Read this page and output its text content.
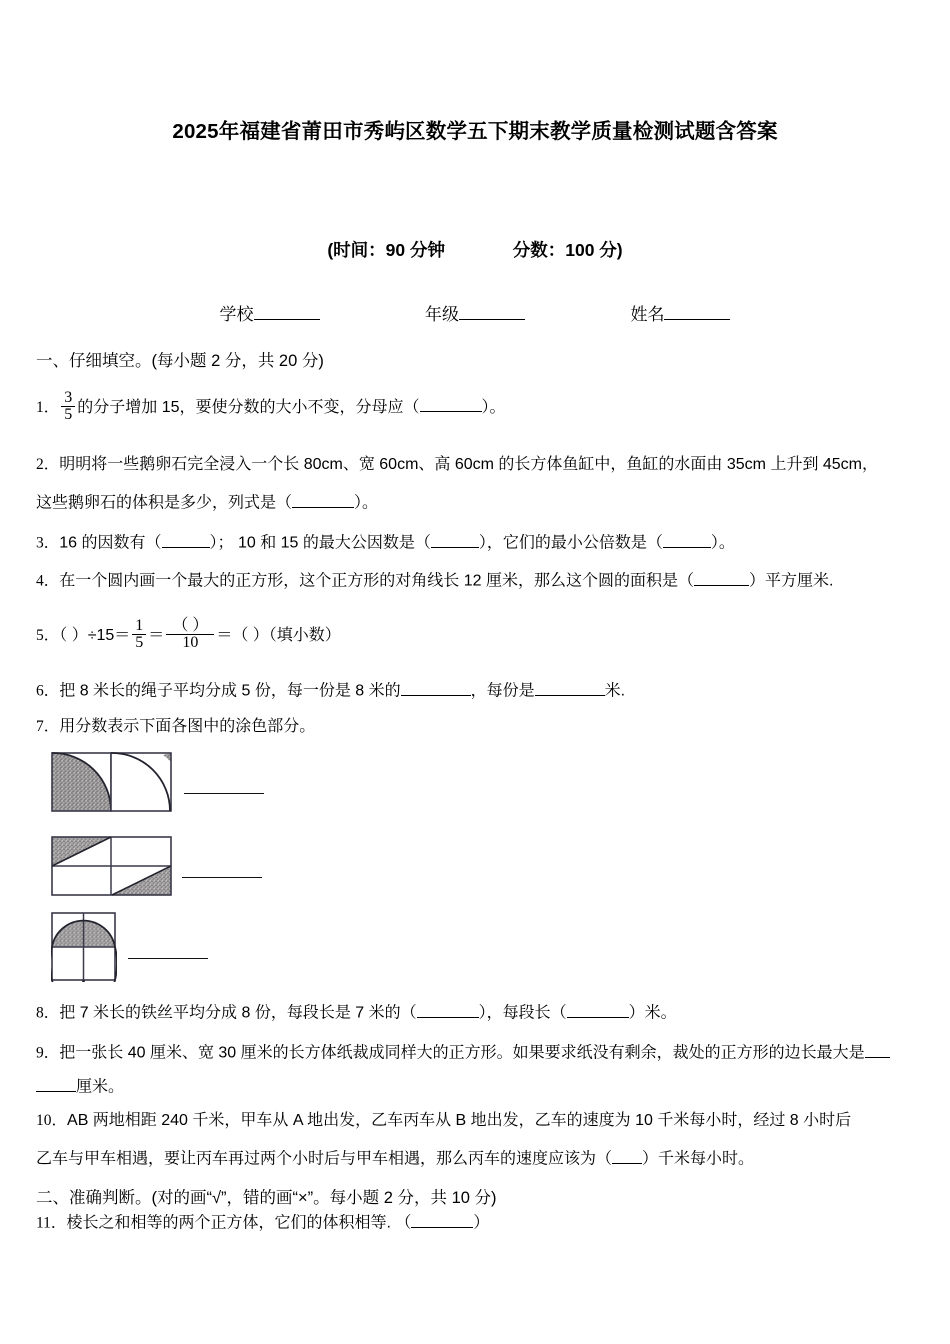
2025年福建省莆田市秀屿区数学五下期末教学质量检测试题含答案
(时间：90 分钟	分数：100 分)
学校	年级	姓名
一、仔细填空。(每小题 2 分，共 20 分)
1． $\frac{3}{5}$ 的分子增加 15，要使分数的大小不变，分母应（	）。
2．明明将一些鹅卵石完全浸入一个长 80cm、宽 60cm、高 60cm 的长方体鱼缸中，鱼缸的水面由 35cm 上升到 45cm，
这些鹅卵石的体积是多少，列式是（	）。
3．16 的因数有（	）； 10 和 15 的最大公因数是（	），它们的最小公倍数是（	）。
4．在一个圆内画一个最大的正方形，这个正方形的对角线长 12 厘米，那么这个圆的面积是（	）平方厘米.
5．（ ）$\div 15= \frac{1}{5} = \frac{( )}{10}$ ＝（ ）（填小数）
6．把 8 米长的绳子平均分成 5 份，每一份是 8 米的	，每份是	米.
7．用分数表示下面各图中的涂色部分。
8．把 7 米长的铁丝平均分成 8 份，每段长是 7 米的（	），每段长（	）米。
9．把一张长 40 厘米、宽 30 厘米的长方体纸裁成同样大的正方形。如果要求纸没有剩余，裁处的正方形的边长最大是
厘米。
10．AB 两地相距 240 千米，甲车从 A 地出发，乙车丙车从 B 地出发，乙车的速度为 10 千米每小时，经过 8 小时后
乙车与甲车相遇，要让丙车再过两个小时后与甲车相遇，那么丙车的速度应该为（ ）千米每小时。
二、准确判断。(对的画“√”，错的画“×”。每小题 2 分，共 10 分)
11．棱长之和相等的两个正方体，它们的体积相等. （	）
